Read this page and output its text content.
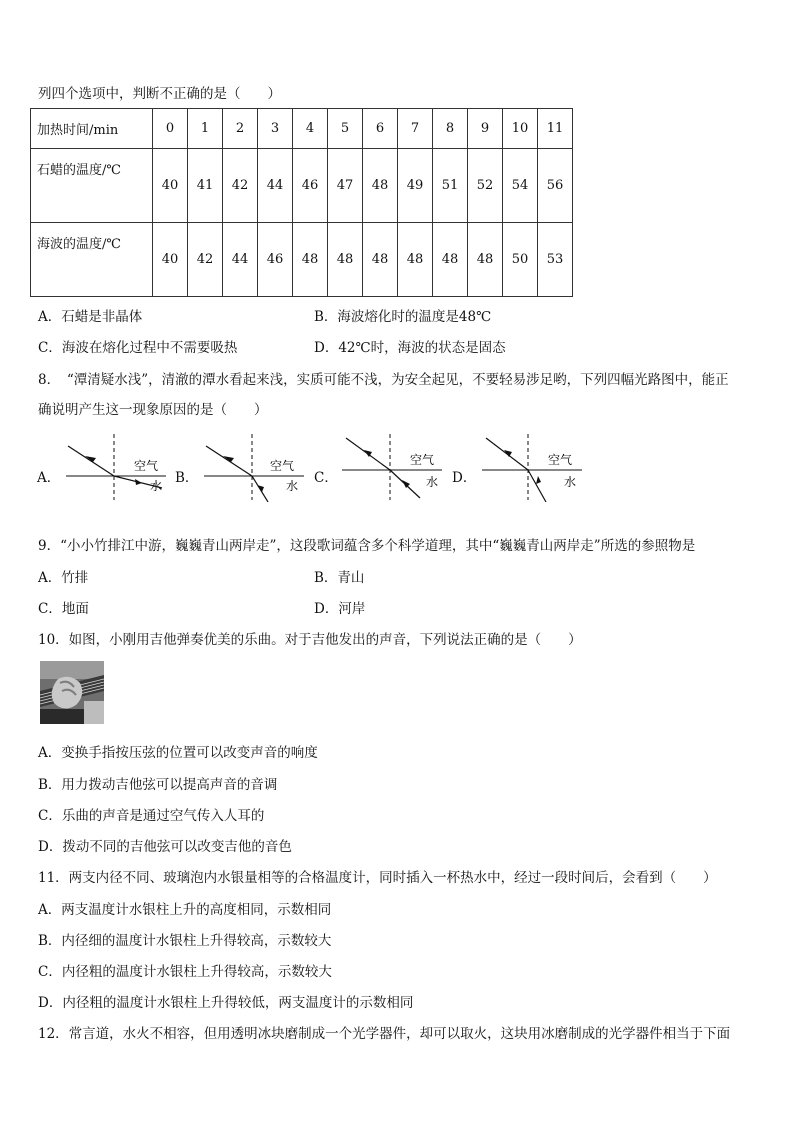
列四个选项中，判断不正确的是（　　）
加热时间/min	0	1	2	3	4	5	6	7	8	9	10	11
石蜡的温度/℃	40	41	42	44	46	47	48	49	51	52	54	56
海波的温度/℃	40	42	44	46	48	48	48	48	48	48	50	53
A．石蜡是非晶体	B．海波熔化时的温度是48℃
C．海波在熔化过程中不需要吸热	D．42℃时，海波的状态是固态
8．　“潭清疑水浅”，清澈的潭水看起来浅，实质可能不浅，为安全起见，不要轻易涉足哟，下列四幅光路图中，能正
确说明产生这一现象原因的是（　　）
A．	B．	C．	D．
空气
水
空气
水
空气
水
空气
水
9．“小小竹排江中游，巍巍青山两岸走”，这段歌词蕴含多个科学道理，其中“巍巍青山两岸走”所选的参照物是
A．竹排	B．青山
C．地面	D．河岸
10．如图，小刚用吉他弹奏优美的乐曲。对于吉他发出的声音，下列说法正确的是（　　）
A．变换手指按压弦的位置可以改变声音的响度
B．用力拨动吉他弦可以提高声音的音调
C．乐曲的声音是通过空气传入人耳的
D．拨动不同的吉他弦可以改变吉他的音色
11．两支内径不同、玻璃泡内水银量相等的合格温度计，同时插入一杯热水中，经过一段时间后，会看到（　　）
A．两支温度计水银柱上升的高度相同，示数相同
B．内径细的温度计水银柱上升得较高，示数较大
C．内径粗的温度计水银柱上升得较高，示数较大
D．内径粗的温度计水银柱上升得较低，两支温度计的示数相同
12．常言道，水火不相容，但用透明冰块磨制成一个光学器件，却可以取火，这块用冰磨制成的光学器件相当于下面
